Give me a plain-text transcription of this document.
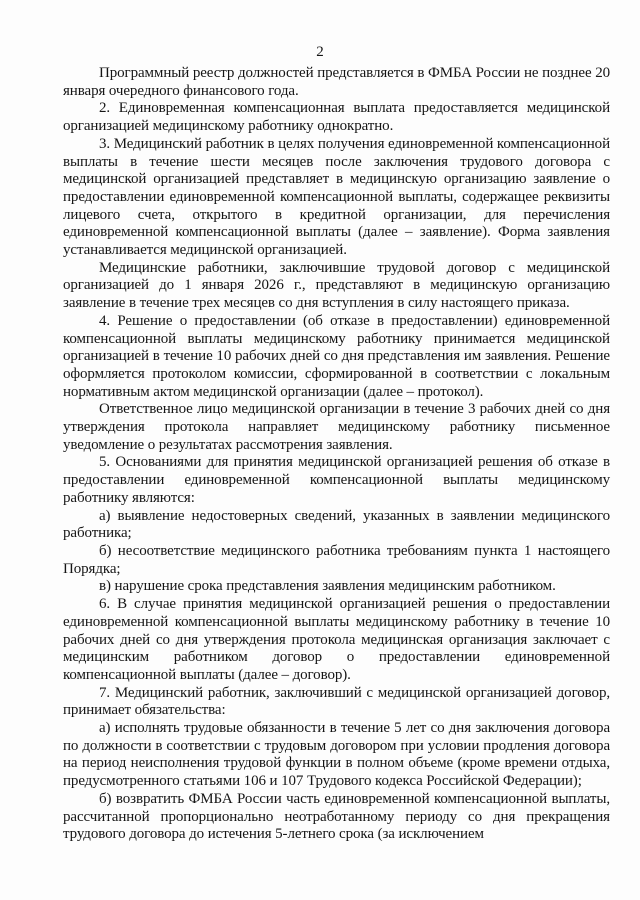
2

Программный реестр должностей представляется в ФМБА России не позднее 20 января очередного финансового года.

2. Единовременная компенсационная выплата предоставляется медицинской организацией медицинскому работнику однократно.

3. Медицинский работник в целях получения единовременной компенсационной выплаты в течение шести месяцев после заключения трудового договора с медицинской организацией представляет в медицинскую организацию заявление о предоставлении единовременной компенсационной выплаты, содержащее реквизиты лицевого счета, открытого в кредитной организации, для перечисления единовременной компенсационной выплаты (далее – заявление). Форма заявления устанавливается медицинской организацией.

Медицинские работники, заключившие трудовой договор с медицинской организацией до 1 января 2026 г., представляют в медицинскую организацию заявление в течение трех месяцев со дня вступления в силу настоящего приказа.

4. Решение о предоставлении (об отказе в предоставлении) единовременной компенсационной выплаты медицинскому работнику принимается медицинской организацией в течение 10 рабочих дней со дня представления им заявления. Решение оформляется протоколом комиссии, сформированной в соответствии с локальным нормативным актом медицинской организации (далее – протокол).

Ответственное лицо медицинской организации в течение 3 рабочих дней со дня утверждения протокола направляет медицинскому работнику письменное уведомление о результатах рассмотрения заявления.

5. Основаниями для принятия медицинской организацией решения об отказе в предоставлении единовременной компенсационной выплаты медицинскому работнику являются:

а) выявление недостоверных сведений, указанных в заявлении медицинского работника;

б) несоответствие медицинского работника требованиям пункта 1 настоящего Порядка;

в) нарушение срока представления заявления медицинским работником.

6. В случае принятия медицинской организацией решения о предоставлении единовременной компенсационной выплаты медицинскому работнику в течение 10 рабочих дней со дня утверждения протокола медицинская организация заключает с медицинским работником договор о предоставлении единовременной компенсационной выплаты (далее – договор).

7. Медицинский работник, заключивший с медицинской организацией договор, принимает обязательства:

а) исполнять трудовые обязанности в течение 5 лет со дня заключения договора по должности в соответствии с трудовым договором при условии продления договора на период неисполнения трудовой функции в полном объеме (кроме времени отдыха, предусмотренного статьями 106 и 107 Трудового кодекса Российской Федерации);

б) возвратить ФМБА России часть единовременной компенсационной выплаты, рассчитанной пропорционально неотработанному периоду со дня прекращения трудового договора до истечения 5-летнего срока (за исключением
